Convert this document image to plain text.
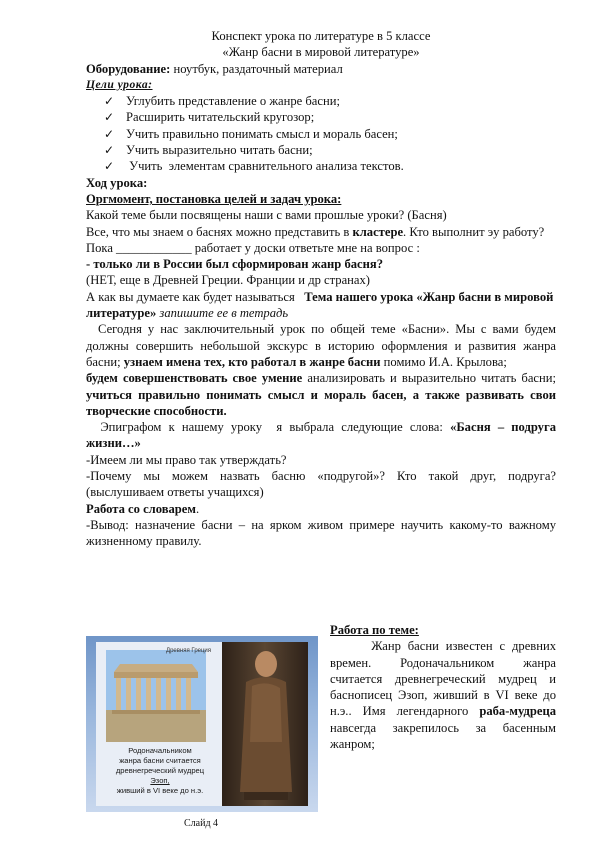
Конспект урока по литературе в 5 классе

«Жанр басни в мировой литературе»

Оборудование: ноутбук, раздаточный материал

Цели урока:

✓ Углубить представление о жанре басни;
✓ Расширить читательский кругозор;
✓ Учить правильно понимать смысл и мораль басен;
✓ Учить выразительно читать басни;
✓ Учить  элементам сравнительного анализа текстов.

Ход урока:

Оргмомент, постановка целей и задач урока:

Какой теме были посвящены наши с вами прошлые уроки? (Басня)

Все, что мы знаем о баснях можно представить в кластере. Кто выполнит эу работу?

Пока ____________ работает у доски ответьте мне на вопрос :

- только ли в России был сформирован жанр басня?

(НЕТ, еще в Древней Греции. Франции и др странах)

А как вы думаете как будет называться   Тема нашего урока «Жанр басни в мировой литературе» запишите ее в тетрадь

Сегодня у нас заключительный урок по общей теме «Басни». Мы с вами будем должны совершить небольшой экскурс в историю оформления и развития жанра басни; узнаем имена тех, кто работал в жанре басни помимо И.А. Крылова;

будем совершенствовать свое умение анализировать и выразительно читать басни; учиться правильно понимать смысл и мораль басен, а также развивать свои творческие способности.

Эпиграфом к нашему уроку  я выбрала следующие слова: «Басня – подруга жизни…»

-Имеем ли мы право так утверждать?

-Почему мы можем назвать басню «подругой»? Кто такой друг, подруга? (выслушиваем ответы учащихся)

Работа со словарем.

-Вывод: назначение басни – на ярком живом примере научить какому-то важному жизненному правилу.

Древняя Греция
Родоначальником
жанра басни считается
древнегреческий мудрец
Эзоп,
живший в VI веке до н.э.
Слайд 4

Работа по теме:

Жанр басни известен с древних времен. Родоначальником жанра считается древнегреческий мудрец и баснописец Эзоп, живший в VI веке до н.э.. Имя легендарного раба-мудреца навсегда закрепилось за басенным жанром;
